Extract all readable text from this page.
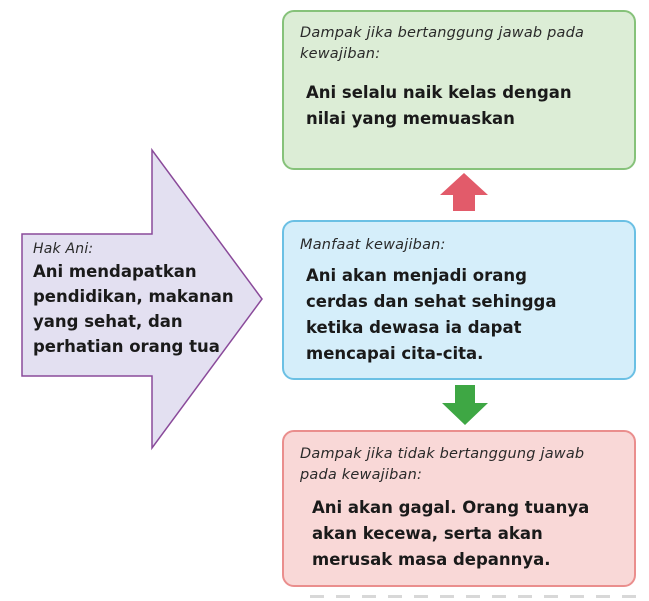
Hak Ani:
Ani mendapatkan
pendidikan, makanan
yang sehat, dan
perhatian orang tua
Dampak jika bertanggung jawab pada
kewajiban:
Ani selalu naik kelas dengan
nilai yang memuaskan
Manfaat kewajiban:
Ani akan menjadi orang
cerdas dan sehat sehingga
ketika dewasa ia dapat
mencapai cita-cita.
Dampak jika tidak bertanggung jawab
pada kewajiban:
Ani akan gagal. Orang tuanya
akan kecewa, serta akan
merusak masa depannya.
